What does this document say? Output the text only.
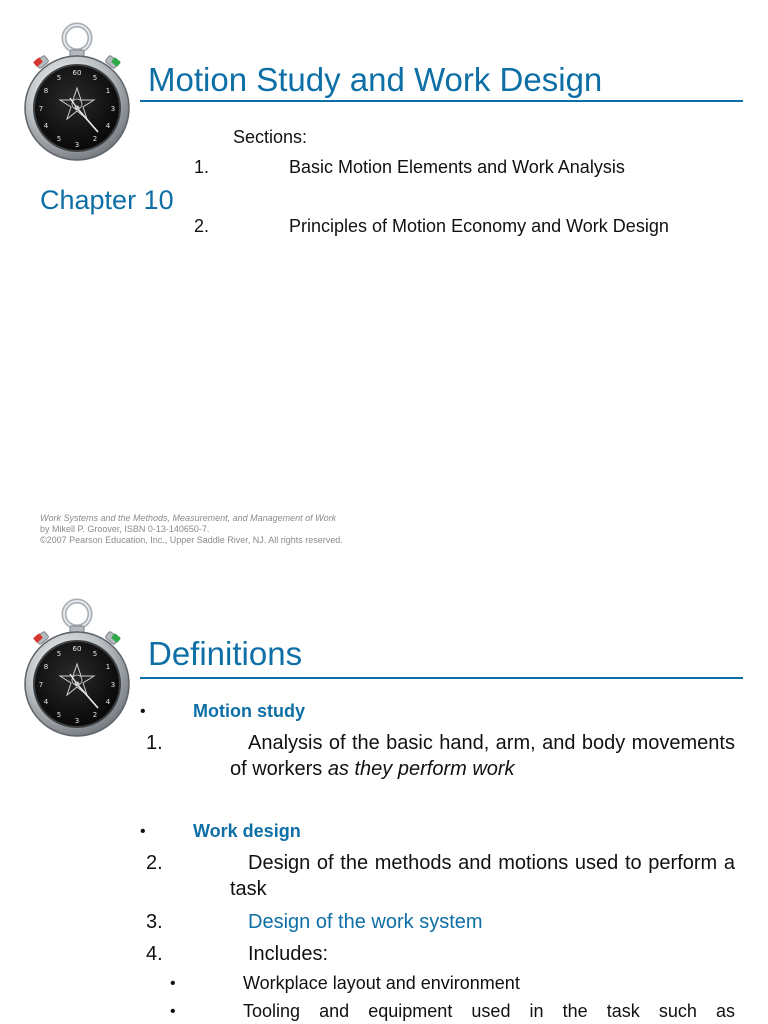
60
5
1
3
4
2
3
5
4
7
8
5	Motion Study and Work Design
Sections:
1.	Basic Motion Elements and Work Analysis
2.	Principles of Motion Economy and Work Design
Chapter 10
Work Systems and the Methods, Measurement, and Management of Work
by Mikell P. Groover, ISBN 0-13-140650-7.
©2007 Pearson Education, Inc., Upper Saddle River, NJ. All rights reserved.
60
5
1
3
4
2
3
5
4
7
8
5	Definitions
•	Motion study
1.	Analysis of the basic hand, arm, and body movements of workers as they perform work
•	Work design
2.	Design of the methods and motions used to perform a task
3.	Design of the work system
4.	Includes:
•	Workplace layout and environment
•	Tooling and equipment used in the task such as
